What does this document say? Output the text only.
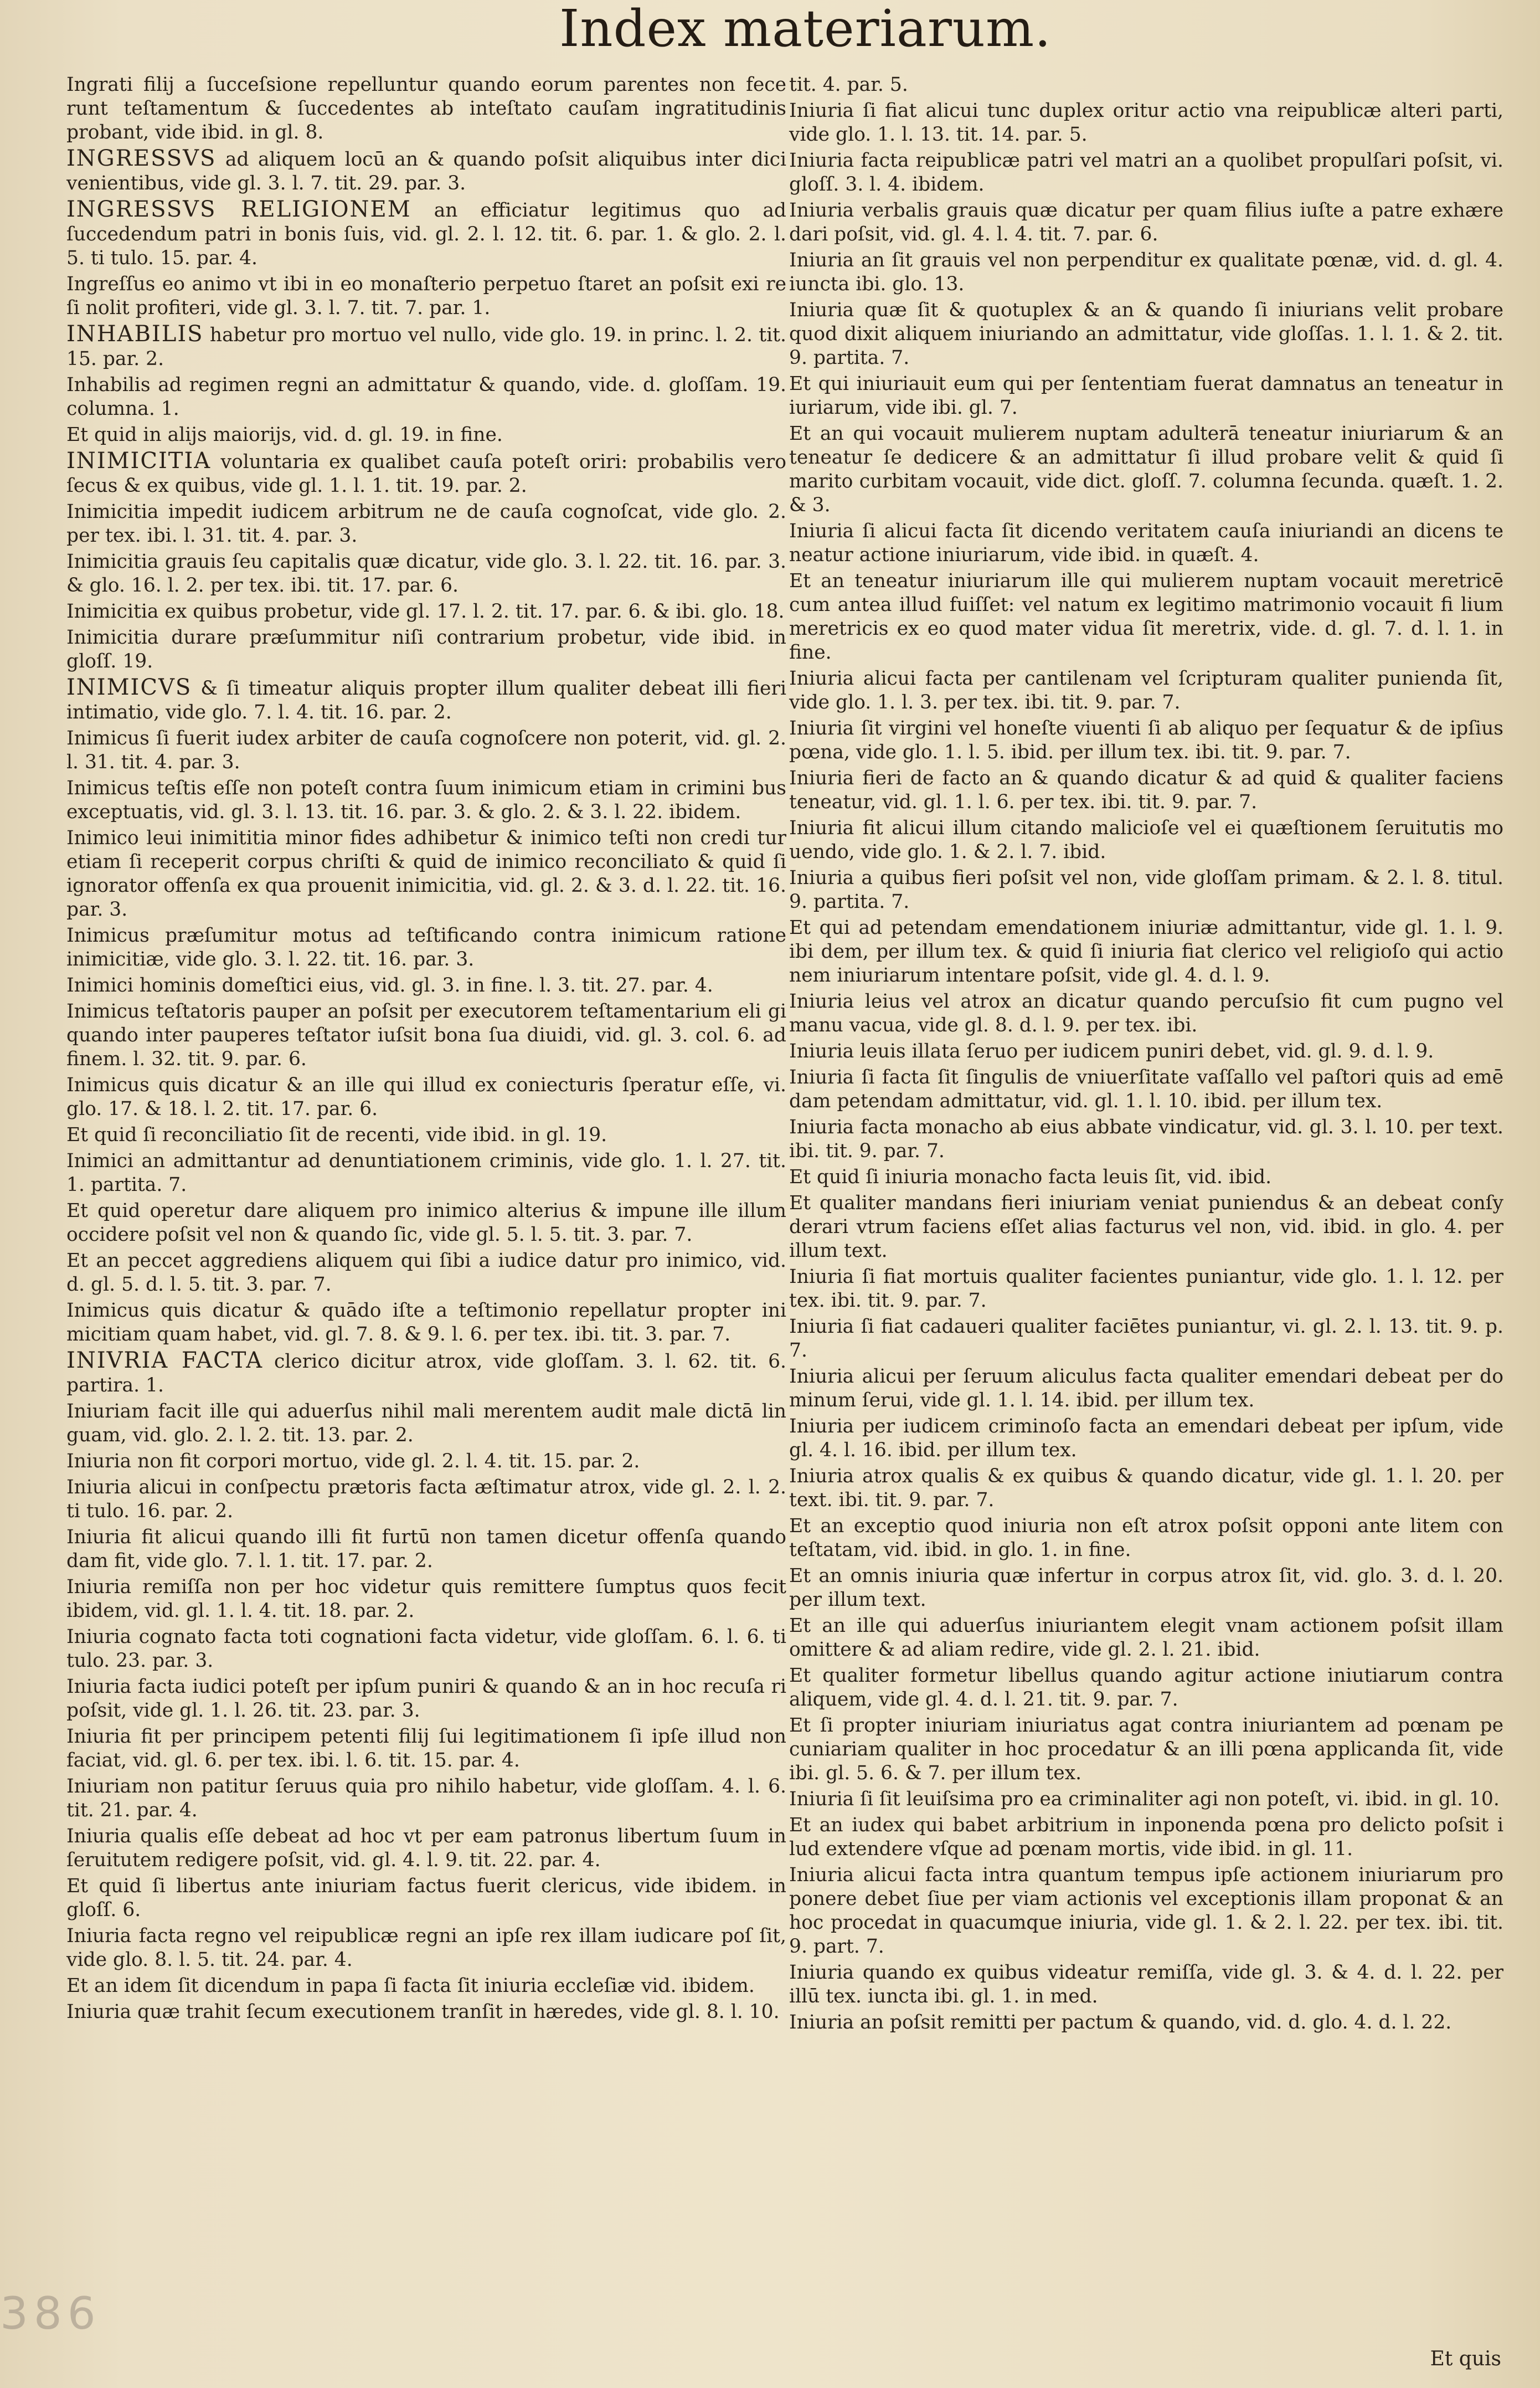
Index materiarum.

Ingrati filij a ſucceſsione repelluntur quando eorum parentes non fece runt teſtamentum & ſuccedentes ab inteſtato cauſam ingratitudinis probant, vide ibid. in gl. 8.

INGRESSVS ad aliquem locū an & quando poſsit aliquibus inter dici venientibus, vide gl. 3. l. 7. tit. 29. par. 3.

INGRESSVS RELIGIONEM an efficiatur legitimus quo ad ſuccedendum patri in bonis ſuis, vid. gl. 2. l. 12. tit. 6. par. 1. & glo. 2. l. 5. ti tulo. 15. par. 4.

Ingreſſus eo animo vt ibi in eo monaſterio perpetuo ſtaret an poſsit exi re ſi nolit profiteri, vide gl. 3. l. 7. tit. 7. par. 1.

INHABILIS habetur pro mortuo vel nullo, vide glo. 19. in princ. l. 2. tit. 15. par. 2.

Inhabilis ad regimen regni an admittatur & quando, vide. d. gloſſam. 19. columna. 1.

Et quid in alijs maiorijs, vid. d. gl. 19. in fine.

INIMICITIA voluntaria ex qualibet cauſa poteſt oriri: probabilis vero ſecus & ex quibus, vide gl. 1. l. 1. tit. 19. par. 2.

Inimicitia impedit iudicem arbitrum ne de cauſa cognoſcat, vide glo. 2. per tex. ibi. l. 31. tit. 4. par. 3.

Inimicitia grauis ſeu capitalis quæ dicatur, vide glo. 3. l. 22. tit. 16. par. 3. & glo. 16. l. 2. per tex. ibi. tit. 17. par. 6.

Inimicitia ex quibus probetur, vide gl. 17. l. 2. tit. 17. par. 6. & ibi. glo. 18.

Inimicitia durare præſummitur niſi contrarium probetur, vide ibid. in gloſſ. 19.

INIMICVS & ſi timeatur aliquis propter illum qualiter debeat illi fieri intimatio, vide glo. 7. l. 4. tit. 16. par. 2.

Inimicus ſi fuerit iudex arbiter de cauſa cognoſcere non poterit, vid. gl. 2. l. 31. tit. 4. par. 3.

Inimicus teſtis eſſe non poteſt contra ſuum inimicum etiam in crimini bus exceptuatis, vid. gl. 3. l. 13. tit. 16. par. 3. & glo. 2. & 3. l. 22. ibidem.

Inimico leui inimititia minor fides adhibetur & inimico teſti non credi tur etiam ſi receperit corpus chriſti & quid de inimico reconciliato & quid ſi ignorator offenſa ex qua prouenit inimicitia, vid. gl. 2. & 3. d. l. 22. tit. 16. par. 3.

Inimicus præſumitur motus ad teſtificando contra inimicum ratione inimicitiæ, vide glo. 3. l. 22. tit. 16. par. 3.

Inimici hominis domeſtici eius, vid. gl. 3. in fine. l. 3. tit. 27. par. 4.

Inimicus teſtatoris pauper an poſsit per executorem teſtamentarium eli gi quando inter pauperes teſtator iuſsit bona ſua diuidi, vid. gl. 3. col. 6. ad finem. l. 32. tit. 9. par. 6.

Inimicus quis dicatur & an ille qui illud ex coniecturis ſperatur eſſe, vi. glo. 17. & 18. l. 2. tit. 17. par. 6.

Et quid ſi reconciliatio ſit de recenti, vide ibid. in gl. 19.

Inimici an admittantur ad denuntiationem criminis, vide glo. 1. l. 27. tit. 1. partita. 7.

Et quid operetur dare aliquem pro inimico alterius & impune ille illum occidere poſsit vel non & quando ſic, vide gl. 5. l. 5. tit. 3. par. 7.

Et an peccet aggrediens aliquem qui ſibi a iudice datur pro inimico, vid. d. gl. 5. d. l. 5. tit. 3. par. 7.

Inimicus quis dicatur & quādo iſte a teſtimonio repellatur propter ini micitiam quam habet, vid. gl. 7. 8. & 9. l. 6. per tex. ibi. tit. 3. par. 7.

INIVRIA FACTA clerico dicitur atrox, vide gloſſam. 3. l. 62. tit. 6. partira. 1.

Iniuriam facit ille qui aduerſus nihil mali merentem audit male dictā lin guam, vid. glo. 2. l. 2. tit. 13. par. 2.

Iniuria non fit corpori mortuo, vide gl. 2. l. 4. tit. 15. par. 2.

Iniuria alicui in conſpectu prætoris facta æſtimatur atrox, vide gl. 2. l. 2. ti tulo. 16. par. 2.

Iniuria fit alicui quando illi fit furtū non tamen dicetur offenſa quando dam fit, vide glo. 7. l. 1. tit. 17. par. 2.

Iniuria remiſſa non per hoc videtur quis remittere ſumptus quos fecit ibidem, vid. gl. 1. l. 4. tit. 18. par. 2.

Iniuria cognato facta toti cognationi facta videtur, vide gloſſam. 6. l. 6. ti tulo. 23. par. 3.

Iniuria facta iudici poteſt per ipſum puniri & quando & an in hoc recuſa ri poſsit, vide gl. 1. l. 26. tit. 23. par. 3.

Iniuria fit per principem petenti filij ſui legitimationem ſi ipſe illud non faciat, vid. gl. 6. per tex. ibi. l. 6. tit. 15. par. 4.

Iniuriam non patitur ſeruus quia pro nihilo habetur, vide gloſſam. 4. l. 6. tit. 21. par. 4.

Iniuria qualis eſſe debeat ad hoc vt per eam patronus libertum ſuum in ſeruitutem redigere poſsit, vid. gl. 4. l. 9. tit. 22. par. 4.

Et quid ſi libertus ante iniuriam factus fuerit clericus, vide ibidem. in gloſſ. 6.

Iniuria facta regno vel reipublicæ regni an ipſe rex illam iudicare poſ ſit, vide glo. 8. l. 5. tit. 24. par. 4.

Et an idem ſit dicendum in papa ſi facta ſit iniuria eccleſiæ vid. ibidem.

Iniuria quæ trahit ſecum executionem tranſit in hæredes, vide gl. 8. l. 10.

tit. 4. par. 5.

Iniuria ſi fiat alicui tunc duplex oritur actio vna reipublicæ alteri parti, vide glo. 1. l. 13. tit. 14. par. 5.

Iniuria facta reipublicæ patri vel matri an a quolibet propulſari poſsit, vi. gloſſ. 3. l. 4. ibidem.

Iniuria verbalis grauis quæ dicatur per quam filius iuſte a patre exhære dari poſsit, vid. gl. 4. l. 4. tit. 7. par. 6.

Iniuria an ſit grauis vel non perpenditur ex qualitate pœnæ, vid. d. gl. 4. iuncta ibi. glo. 13.

Iniuria quæ ſit & quotuplex & an & quando ſi iniurians velit probare quod dixit aliquem iniuriando an admittatur, vide gloſſas. 1. l. 1. & 2. tit. 9. partita. 7.

Et qui iniuriauit eum qui per ſententiam fuerat damnatus an teneatur in iuriarum, vide ibi. gl. 7.

Et an qui vocauit mulierem nuptam adulterā teneatur iniuriarum & an teneatur ſe dedicere & an admittatur ſi illud probare velit & quid ſi marito curbitam vocauit, vide dict. gloſſ. 7. columna ſecunda. quæſt. 1. 2. & 3.

Iniuria ſi alicui facta ſit dicendo veritatem cauſa iniuriandi an dicens te neatur actione iniuriarum, vide ibid. in quæſt. 4.

Et an teneatur iniuriarum ille qui mulierem nuptam vocauit meretricē cum antea illud fuiſſet: vel natum ex legitimo matrimonio vocauit fi lium meretricis ex eo quod mater vidua ſit meretrix, vide. d. gl. 7. d. l. 1. in fine.

Iniuria alicui facta per cantilenam vel ſcripturam qualiter punienda ſit, vide glo. 1. l. 3. per tex. ibi. tit. 9. par. 7.

Iniuria ſit virgini vel honeſte viuenti ſi ab aliquo per ſequatur & de ipſius pœna, vide glo. 1. l. 5. ibid. per illum tex. ibi. tit. 9. par. 7.

Iniuria fieri de facto an & quando dicatur & ad quid & qualiter faciens teneatur, vid. gl. 1. l. 6. per tex. ibi. tit. 9. par. 7.

Iniuria fit alicui illum citando malicioſe vel ei quæſtionem ſeruitutis mo uendo, vide glo. 1. & 2. l. 7. ibid.

Iniuria a quibus fieri poſsit vel non, vide gloſſam primam. & 2. l. 8. titul. 9. partita. 7.

Et qui ad petendam emendationem iniuriæ admittantur, vide gl. 1. l. 9. ibi dem, per illum tex. & quid ſi iniuria fiat clerico vel religioſo qui actio nem iniuriarum intentare poſsit, vide gl. 4. d. l. 9.

Iniuria leius vel atrox an dicatur quando percuſsio fit cum pugno vel manu vacua, vide gl. 8. d. l. 9. per tex. ibi.

Iniuria leuis illata ſeruo per iudicem puniri debet, vid. gl. 9. d. l. 9.

Iniuria ſi facta ſit ſingulis de vniuerſitate vaſſallo vel paſtori quis ad emē dam petendam admittatur, vid. gl. 1. l. 10. ibid. per illum tex.

Iniuria facta monacho ab eius abbate vindicatur, vid. gl. 3. l. 10. per text. ibi. tit. 9. par. 7.

Et quid ſi iniuria monacho facta leuis ſit, vid. ibid.

Et qualiter mandans fieri iniuriam veniat puniendus & an debeat conſy derari vtrum faciens eſſet alias facturus vel non, vid. ibid. in glo. 4. per illum text.

Iniuria ſi fiat mortuis qualiter facientes puniantur, vide glo. 1. l. 12. per tex. ibi. tit. 9. par. 7.

Iniuria ſi fiat cadaueri qualiter faciētes puniantur, vi. gl. 2. l. 13. tit. 9. p. 7.

Iniuria alicui per ſeruum aliculus facta qualiter emendari debeat per do minum ſerui, vide gl. 1. l. 14. ibid. per illum tex.

Iniuria per iudicem criminoſo facta an emendari debeat per ipſum, vide gl. 4. l. 16. ibid. per illum tex.

Iniuria atrox qualis & ex quibus & quando dicatur, vide gl. 1. l. 20. per text. ibi. tit. 9. par. 7.

Et an exceptio quod iniuria non eſt atrox poſsit opponi ante litem con teſtatam, vid. ibid. in glo. 1. in fine.

Et an omnis iniuria quæ infertur in corpus atrox ſit, vid. glo. 3. d. l. 20. per illum text.

Et an ille qui aduerſus iniuriantem elegit vnam actionem poſsit illam omittere & ad aliam redire, vide gl. 2. l. 21. ibid.

Et qualiter formetur libellus quando agitur actione iniutiarum contra aliquem, vide gl. 4. d. l. 21. tit. 9. par. 7.

Et ſi propter iniuriam iniuriatus agat contra iniuriantem ad pœnam pe cuniariam qualiter in hoc procedatur & an illi pœna applicanda ſit, vide ibi. gl. 5. 6. & 7. per illum tex.

Iniuria ſi ſit leuiſsima pro ea criminaliter agi non poteſt, vi. ibid. in gl. 10.

Et an iudex qui babet arbitrium in inponenda pœna pro delicto poſsit i lud extendere vſque ad pœnam mortis, vide ibid. in gl. 11.

Iniuria alicui facta intra quantum tempus ipſe actionem iniuriarum pro ponere debet ſiue per viam actionis vel exceptionis illam proponat & an hoc procedat in quacumque iniuria, vide gl. 1. & 2. l. 22. per tex. ibi. tit. 9. part. 7.

Iniuria quando ex quibus videatur remiſſa, vide gl. 3. & 4. d. l. 22. per illū tex. iuncta ibi. gl. 1. in med.

Iniuria an poſsit remitti per pactum & quando, vid. d. glo. 4. d. l. 22.

Et quis
386
